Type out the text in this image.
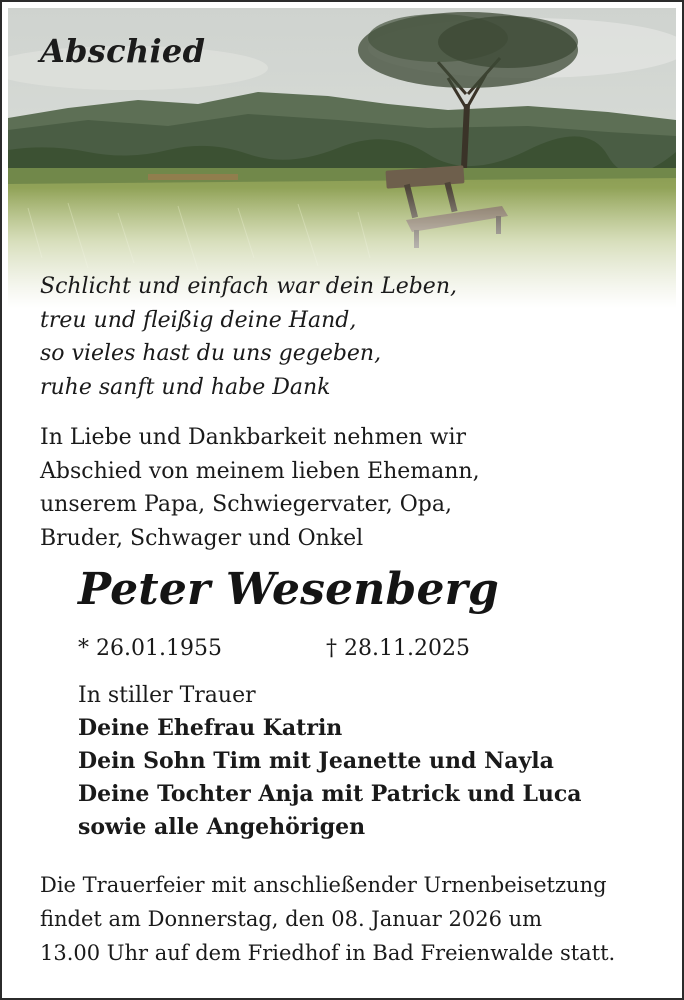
Abschied
Schlicht und einfach war dein Leben,
treu und fleißig deine Hand,
so vieles hast du uns gegeben,
ruhe sanft und habe Dank
In Liebe und Dankbarkeit nehmen wir
Abschied von meinem lieben Ehemann,
unserem Papa, Schwiegervater, Opa,
Bruder, Schwager und Onkel
Peter Wesenberg
* 26.01.1955	† 28.11.2025
In stiller Trauer
Deine Ehefrau Katrin
Dein Sohn Tim mit Jeanette und Nayla
Deine Tochter Anja mit Patrick und Luca
sowie alle Angehörigen
Die Trauerfeier mit anschließender Urnenbeisetzung
findet am Donnerstag, den 08. Januar 2026 um
13.00 Uhr auf dem Friedhof in Bad Freienwalde statt.
